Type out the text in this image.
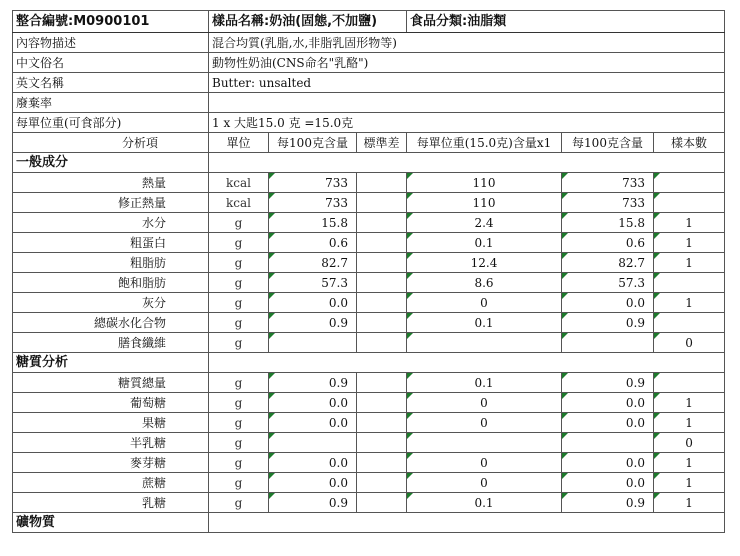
整合編號:M0900101	樣品名稱:奶油(固態,不加鹽)			食品分類:油脂類		
內容物描述	混合均質(乳脂,水,非脂乳固形物等)					
中文俗名	動物性奶油(CNS命名"乳酪")					
英文名稱	Butter: unsalted					
廢棄率						
每單位重(可食部分)	1 x 大匙15.0 克 =15.0克					
分析項	單位	每100克含量	標準差	每單位重(15.0克)含量x1	每100克含量	樣本數
一般成分						
熱量	kcal	733		110	733	
修正熱量	kcal	733		110	733	
水分	g	15.8		2.4	15.8	1
粗蛋白	g	0.6		0.1	0.6	1
粗脂肪	g	82.7		12.4	82.7	1
飽和脂肪	g	57.3		8.6	57.3	
灰分	g	0.0		0	0.0	1
總碳水化合物	g	0.9		0.1	0.9	
膳食纖維	g					0
糖質分析						
糖質總量	g	0.9		0.1	0.9	
葡萄糖	g	0.0		0	0.0	1
果糖	g	0.0		0	0.0	1
半乳糖	g					0
麥芽糖	g	0.0		0	0.0	1
蔗糖	g	0.0		0	0.0	1
乳糖	g	0.9		0.1	0.9	1
礦物質						
